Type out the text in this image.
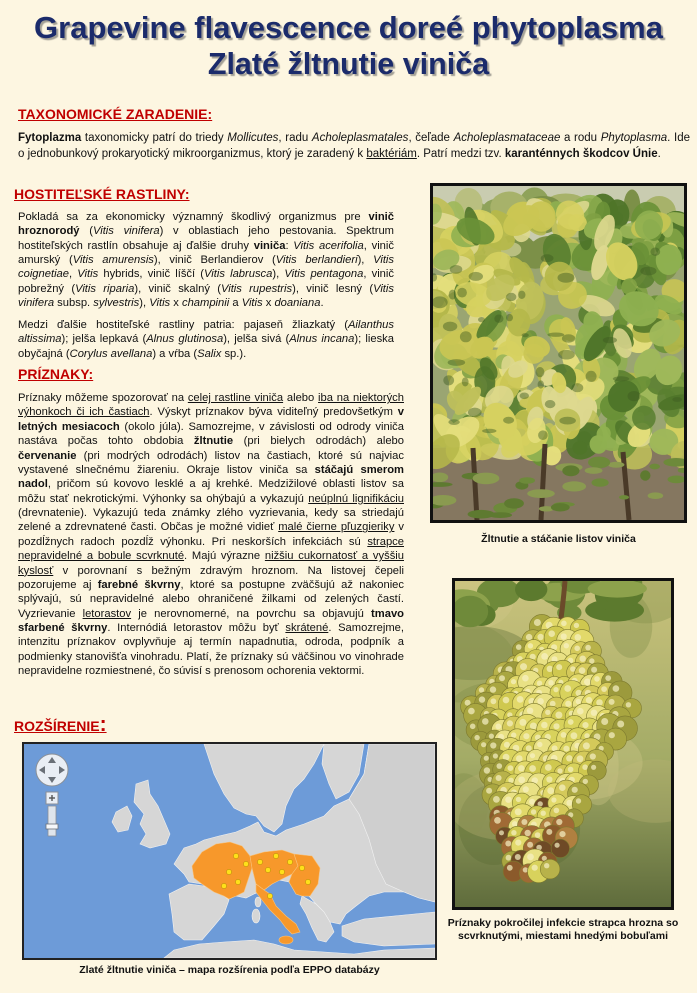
Grapevine flavescence doreé phytoplasma
Zlaté žltnutie viniča
TAXONOMICKÉ ZARADENIE:

Fytoplazma taxonomicky patrí do triedy Mollicutes, radu Acholeplasmatales, čeľade Acholeplasmataceae a rodu Phytoplasma. Ide o jednobunkový prokaryotický mikroorganizmus, ktorý je zaradený k baktériám. Patrí medzi tzv. karanténnych škodcov Únie.

HOSTITEĽSKÉ RASTLINY:

Pokladá sa za ekonomicky významný škodlivý organizmus pre vinič hroznorodý (Vitis vinifera) v oblastiach jeho pestovania. Spektrum hostiteľských rastlín obsahuje aj ďalšie druhy viniča: Vitis acerifolia, vinič amurský (Vitis amurensis), vinič Berlandierov (Vitis berlandieri), Vitis coignetiae, Vitis hybrids, vinič líščí (Vitis labrusca), Vitis pentagona, vinič pobrežný (Vitis riparia), vinič skalný (Vitis rupestris), vinič lesný (Vitis vinifera subsp. sylvestris), Vitis x champinii a Vitis x doaniana.

Medzi ďalšie hostiteľské rastliny patria: pajaseň žliazkatý (Ailanthus altissima); jelša lepkavá (Alnus glutinosa), jelša sivá (Alnus incana); lieska obyčajná (Corylus avellana) a vŕba (Salix sp.).

PRÍZNAKY:

Príznaky môžeme spozorovať na celej rastline viniča alebo iba na niektorých výhonkoch či ich častiach. Výskyt príznakov býva viditeľný predovšetkým v letných mesiacoch (okolo júla). Samozrejme, v závislosti od odrody viniča nastáva počas tohto obdobia žltnutie (pri bielych odrodách) alebo červenanie (pri modrých odrodách) listov na častiach, ktoré sú najviac vystavené slnečnému žiareniu. Okraje listov viniča sa stáčajú smerom nadol, pričom sú kovovo lesklé a aj krehké. Medzižilové oblasti listov sa môžu stať nekrotickými. Výhonky sa ohýbajú a vykazujú neúplnú lignifikáciu (drevnatenie). Vykazujú teda známky zlého vyzrievania, kedy sa striedajú zelené a zdrevnatené časti. Občas je možné vidieť malé čierne pľuzgieriky v pozdĺžnych radoch pozdĺž výhonku. Pri neskorších infekciách sú strapce nepravidelné a bobule scvrknuté. Majú výrazne nižšiu cukornatosť a vyššiu kyslosť v porovnaní s bežným zdravým hroznom. Na listovej čepeli pozorujeme aj farebné škvrny, ktoré sa postupne zväčšujú až nakoniec splývajú, sú nepravidelné alebo ohraničené žilkami od zelených častí. Vyzrievanie letorastov je nerovnomerné, na povrchu sa objavujú tmavo sfarbené škvrny. Internódiá letorastov môžu byť skrátené. Samozrejme, intenzitu príznakov ovplyvňuje aj termín napadnutia, odroda, podpník a podmienky stanovišťa vinohradu. Platí, že príznaky sú väčšinou vo vinohrade nepravidelne rozmiestnené, čo súvisí s prenosom ochorenia vektormi.

ROZŠÍRENIE:
Žltnutie a stáčanie listov viniča
Príznaky pokročilej infekcie strapca hrozna so scvrknutými, miestami hnedými bobuľami
Zlaté žltnutie viniča – mapa rozšírenia podľa EPPO databázy
